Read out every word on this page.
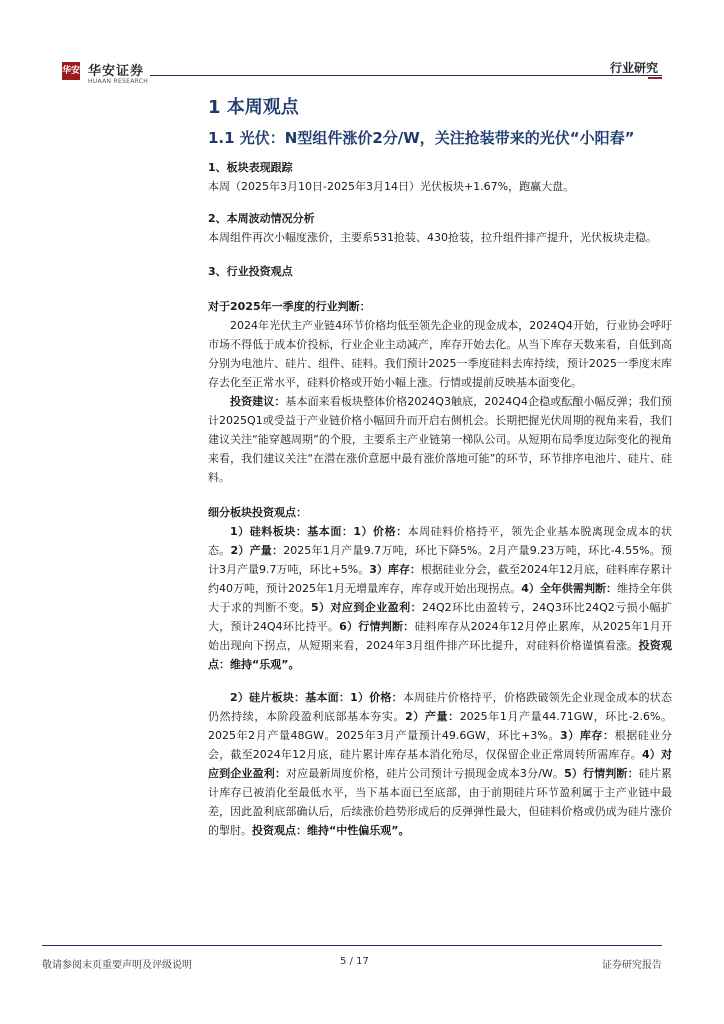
华安 华安证券
HUAAN RESEARCH
行业研究
1 本周观点
1.1 光伏：N型组件涨价2分/W，关注抢装带来的光伏“小阳春”

1、板块表现跟踪

本周（2025年3月10日-2025年3月14日）光伏板块+1.67%，跑赢大盘。

2、本周波动情况分析

本周组件再次小幅度涨价，主要系531抢装、430抢装，拉升组件排产提升，光伏板块走稳。

3、行业投资观点

对于2025年一季度的行业判断：

2024年光伏主产业链4环节价格均低至领先企业的现金成本，2024Q4开始，行业协会呼吁市场不得低于成本价投标，行业企业主动减产，库存开始去化。从当下库存天数来看，自低到高分别为电池片、硅片、组件、硅料。我们预计2025一季度硅料去库持续，预计2025一季度末库存去化至正常水平，硅料价格或开始小幅上涨。行情或提前反映基本面变化。

投资建议：基本面来看板块整体价格2024Q3触底，2024Q4企稳或酝酿小幅反弹；我们预计2025Q1或受益于产业链价格小幅回升而开启右侧机会。长期把握光伏周期的视角来看，我们建议关注“能穿越周期”的个股，主要系主产业链第一梯队公司。从短期布局季度边际变化的视角来看，我们建议关注“在潜在涨价意愿中最有涨价落地可能”的环节，环节排序电池片、硅片、硅料。

细分板块投资观点：

1）硅料板块：基本面：1）价格：本周硅料价格持平，领先企业基本脱离现金成本的状态。2）产量：2025年1月产量9.7万吨，环比下降5%。2月产量9.23万吨，环比-4.55%。预计3月产量9.7万吨，环比+5%。3）库存：根据硅业分会，截至2024年12月底，硅料库存累计约40万吨，预计2025年1月无增量库存，库存或开始出现拐点。4）全年供需判断：维持全年供大于求的判断不变。5）对应到企业盈利：24Q2环比由盈转亏，24Q3环比24Q2亏损小幅扩大，预计24Q4环比持平。6）行情判断：硅料库存从2024年12月停止累库，从2025年1月开始出现向下拐点，从短期来看，2024年3月组件排产环比提升，对硅料价格谨慎看涨。投资观点：维持“乐观”。

2）硅片板块：基本面：1）价格：本周硅片价格持平，价格跌破领先企业现金成本的状态仍然持续，本阶段盈利底部基本夯实。2）产量：2025年1月产量44.71GW，环比-2.6%。2025年2月产量48GW。2025年3月产量预计49.6GW，环比+3%。3）库存：根据硅业分会，截至2024年12月底，硅片累计库存基本消化殆尽，仅保留企业正常周转所需库存。4）对应到企业盈利：对应最新周度价格，硅片公司预计亏损现金成本3分/W。5）行情判断：硅片累计库存已被消化至最低水平，当下基本面已至底部，由于前期硅片环节盈利属于主产业链中最差，因此盈利底部确认后，后续涨价趋势形成后的反弹弹性最大，但硅料价格或仍成为硅片涨价的掣肘。投资观点：维持“中性偏乐观”。

敬请参阅末页重要声明及评级说明	5 / 17	证券研究报告
